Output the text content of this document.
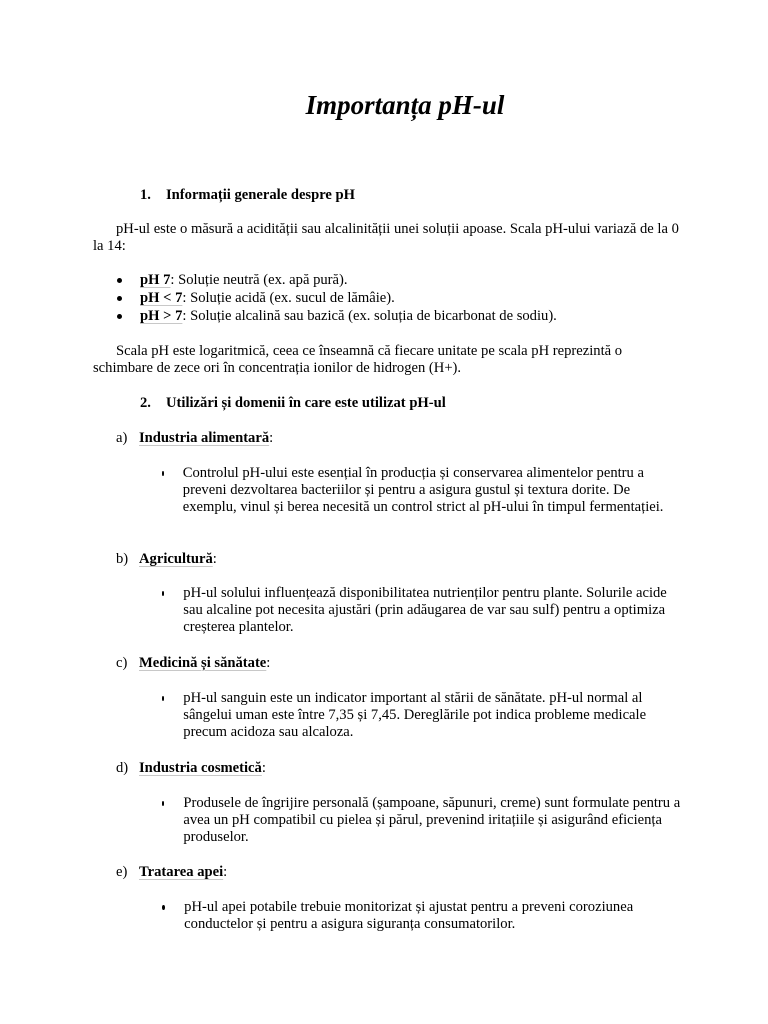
Importanța pH-ul
1. Informații generale despre pH

pH-ul este o măsură a acidității sau alcalinității unei soluții apoase. Scala pH-ului variază de la 0 la 14:

pH 7: Soluție neutră (ex. apă pură).

pH < 7: Soluție acidă (ex. sucul de lămâie).

pH > 7: Soluție alcalină sau bazică (ex. soluția de bicarbonat de sodiu).

Scala pH este logaritmică, ceea ce înseamnă că fiecare unitate pe scala pH reprezintă o schimbare de zece ori în concentrația ionilor de hidrogen (H+).

2. Utilizări și domenii în care este utilizat pH-ul
a) Industria alimentară:

Controlul pH-ului este esențial în producția și conservarea alimentelor pentru a preveni dezvoltarea bacteriilor și pentru a asigura gustul și textura dorite. De exemplu, vinul și berea necesită un control strict al pH-ului în timpul fermentației.

b) Agricultură:

pH-ul solului influențează disponibilitatea nutrienților pentru plante. Solurile acide sau alcaline pot necesita ajustări (prin adăugarea de var sau sulf) pentru a optimiza creșterea plantelor.

c) Medicină și sănătate:

pH-ul sanguin este un indicator important al stării de sănătate. pH-ul normal al sângelui uman este între 7,35 și 7,45. Dereglările pot indica probleme medicale precum acidoza sau alcaloza.

d) Industria cosmetică:

Produsele de îngrijire personală (șampoane, săpunuri, creme) sunt formulate pentru a avea un pH compatibil cu pielea și părul, prevenind iritațiile și asigurând eficiența produselor.

e) Tratarea apei:

pH-ul apei potabile trebuie monitorizat și ajustat pentru a preveni coroziunea conductelor și pentru a asigura siguranța consumatorilor.
